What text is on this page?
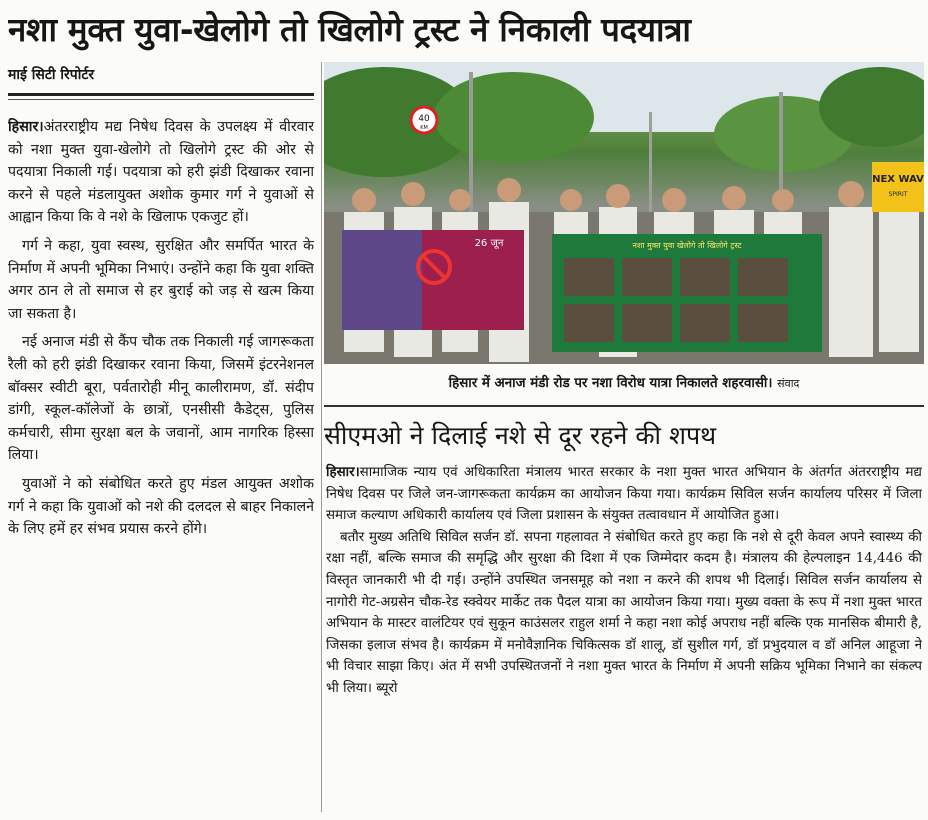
नशा मुक्त युवा-खेलोगे तो खिलोगे ट्रस्ट ने निकाली पदयात्रा
माई सिटी रिपोर्टर

हिसार।अंतरराष्ट्रीय मद्य निषेध दिवस के उपलक्ष्य में वीरवार को नशा मुक्त युवा-खेलोगे तो खिलोगे ट्रस्ट की ओर से पदयात्रा निकाली गई। पदयात्रा को हरी झंडी दिखाकर रवाना करने से पहले मंडलायुक्त अशोक कुमार गर्ग ने युवाओं से आह्वान किया कि वे नशे के खिलाफ एकजुट हों।

गर्ग ने कहा, युवा स्वस्थ, सुरक्षित और समर्पित भारत के निर्माण में अपनी भूमिका निभाएं। उन्होंने कहा कि युवा शक्ति अगर ठान ले तो समाज से हर बुराई को जड़ से खत्म किया जा सकता है।

नई अनाज मंडी से कैंप चौक तक निकाली गई जागरूकता रैली को हरी झंडी दिखाकर रवाना किया, जिसमें इंटरनेशनल बॉक्सर स्वीटी बूरा, पर्वतारोही मीनू कालीरामण, डॉ. संदीप डांगी, स्कूल-कॉलेजों के छात्रों, एनसीसी कैडेट्स, पुलिस कर्मचारी, सीमा सुरक्षा बल के जवानों, आम नागरिक हिस्सा लिया।

युवाओं ने को संबोधित करते हुए मंडल आयुक्त अशोक गर्ग ने कहा कि युवाओं को नशे की दलदल से बाहर निकालने के लिए हमें हर संभव प्रयास करने होंगे।

40
KM
26 जून	नशा मुक्त युवा खेलोगे तो खिलोगे ट्रस्ट
NEX WAV
SPIRIT
हिसार में अनाज मंडी रोड पर नशा विरोध यात्रा निकालते शहरवासी। संवाद
सीएमओ ने दिलाई नशे से दूर रहने की शपथ

हिसार।सामाजिक न्याय एवं अधिकारिता मंत्रालय भारत सरकार के नशा मुक्त भारत अभियान के अंतर्गत अंतरराष्ट्रीय मद्य निषेध दिवस पर जिले जन-जागरूकता कार्यक्रम का आयोजन किया गया। कार्यक्रम सिविल सर्जन कार्यालय परिसर में जिला समाज कल्याण अधिकारी कार्यालय एवं जिला प्रशासन के संयुक्त तत्वावधान में आयोजित हुआ।

बतौर मुख्य अतिथि सिविल सर्जन डॉ. सपना गहलावत ने संबोधित करते हुए कहा कि नशे से दूरी केवल अपने स्वास्थ्य की रक्षा नहीं, बल्कि समाज की समृद्धि और सुरक्षा की दिशा में एक जिम्मेदार कदम है। मंत्रालय की हेल्पलाइन 14,446 की विस्तृत जानकारी भी दी गई। उन्होंने उपस्थित जनसमूह को नशा न करने की शपथ भी दिलाई। सिविल सर्जन कार्यालय से नागोरी गेट-अग्रसेन चौक-रेड स्क्वेयर मार्केट तक पैदल यात्रा का आयोजन किया गया। मुख्य वक्ता के रूप में नशा मुक्त भारत अभियान के मास्टर वालंटियर एवं सुकून काउंसलर राहुल शर्मा ने कहा नशा कोई अपराध नहीं बल्कि एक मानसिक बीमारी है, जिसका इलाज संभव है। कार्यक्रम में मनोवैज्ञानिक चिकित्सक डॉ शालू, डॉ सुशील गर्ग, डॉ प्रभुदयाल व डॉ अनिल आहूजा ने भी विचार साझा किए। अंत में सभी उपस्थितजनों ने नशा मुक्त भारत के निर्माण में अपनी सक्रिय भूमिका निभाने का संकल्प भी लिया। ब्यूरो
